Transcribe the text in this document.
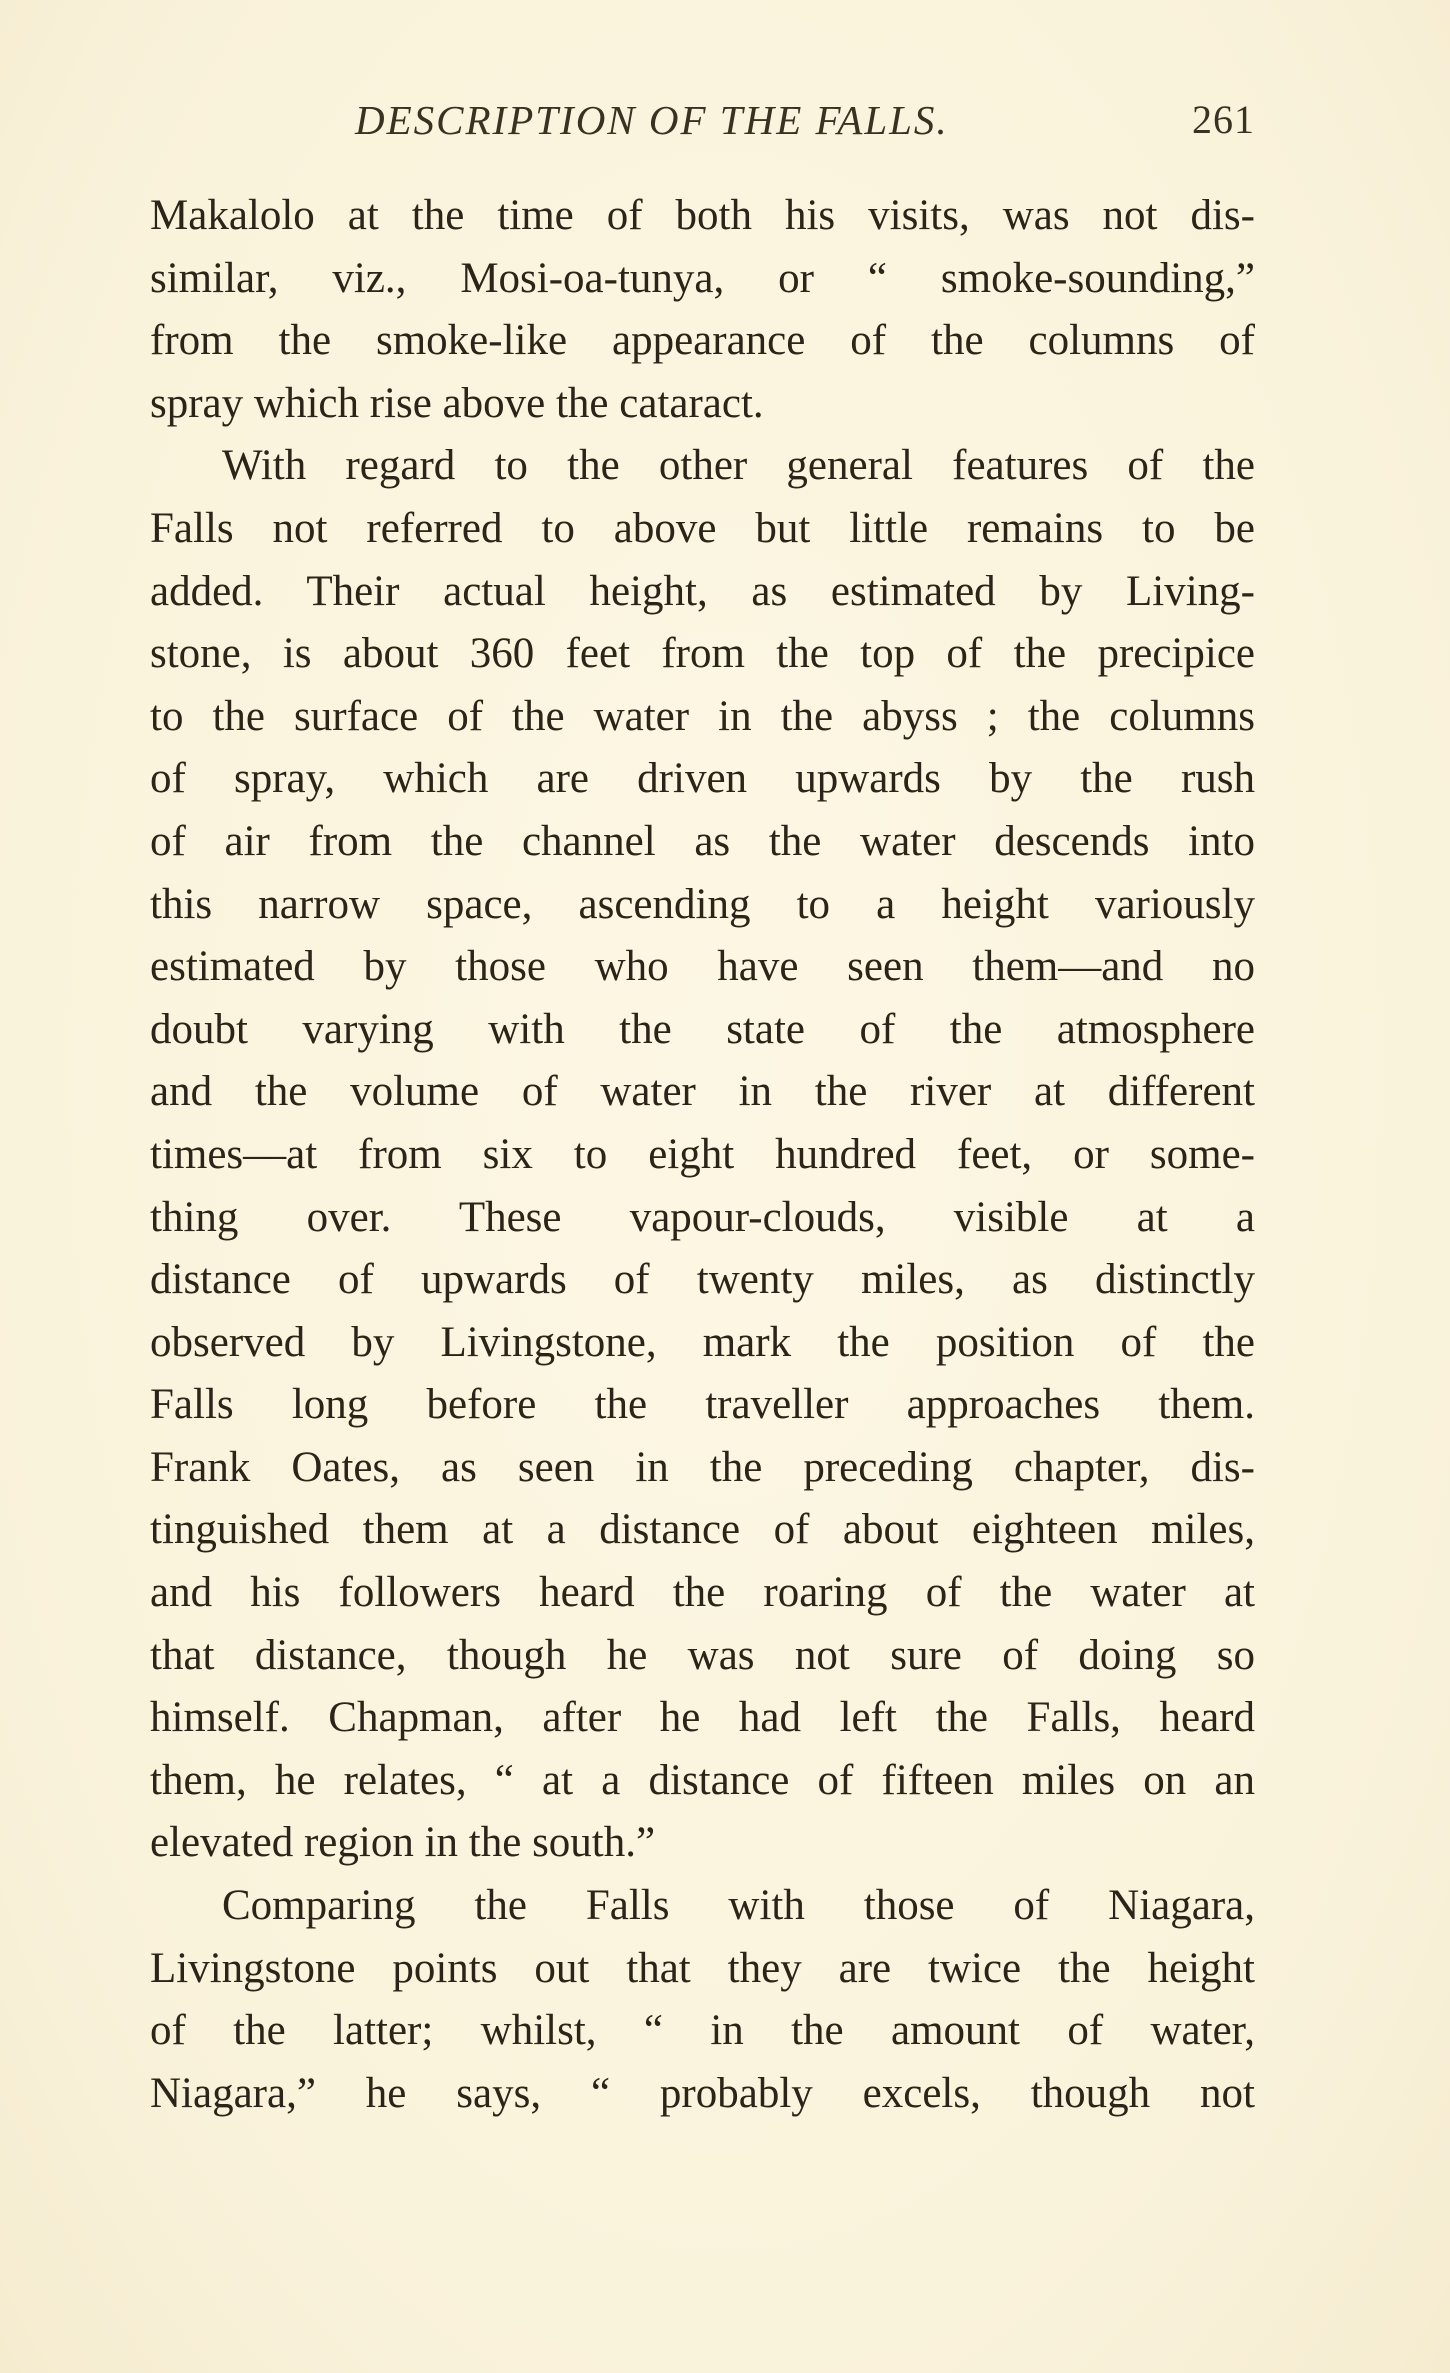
DESCRIPTION OF THE FALLS.	261
Makalolo at the time of both his visits, was not dis-
similar, viz., Mosi-oa-tunya, or “ smoke-sounding,”
from the smoke-like appearance of the columns of
spray which rise above the cataract.
With regard to the other general features of the
Falls not referred to above but little remains to be
added. Their actual height, as estimated by Living-
stone, is about 360 feet from the top of the precipice
to the surface of the water in the abyss ; the columns
of spray, which are driven upwards by the rush
of air from the channel as the water descends into
this narrow space, ascending to a height variously
estimated by those who have seen them—and no
doubt varying with the state of the atmosphere
and the volume of water in the river at different
times—at from six to eight hundred feet, or some-
thing over. These vapour-clouds, visible at a
distance of upwards of twenty miles, as distinctly
observed by Livingstone, mark the position of the
Falls long before the traveller approaches them.
Frank Oates, as seen in the preceding chapter, dis-
tinguished them at a distance of about eighteen miles,
and his followers heard the roaring of the water at
that distance, though he was not sure of doing so
himself. Chapman, after he had left the Falls, heard
them, he relates, “ at a distance of fifteen miles on an
elevated region in the south.”
Comparing the Falls with those of Niagara,
Livingstone points out that they are twice the height
of the latter; whilst, “ in the amount of water,
Niagara,” he says, “ probably excels, though not
